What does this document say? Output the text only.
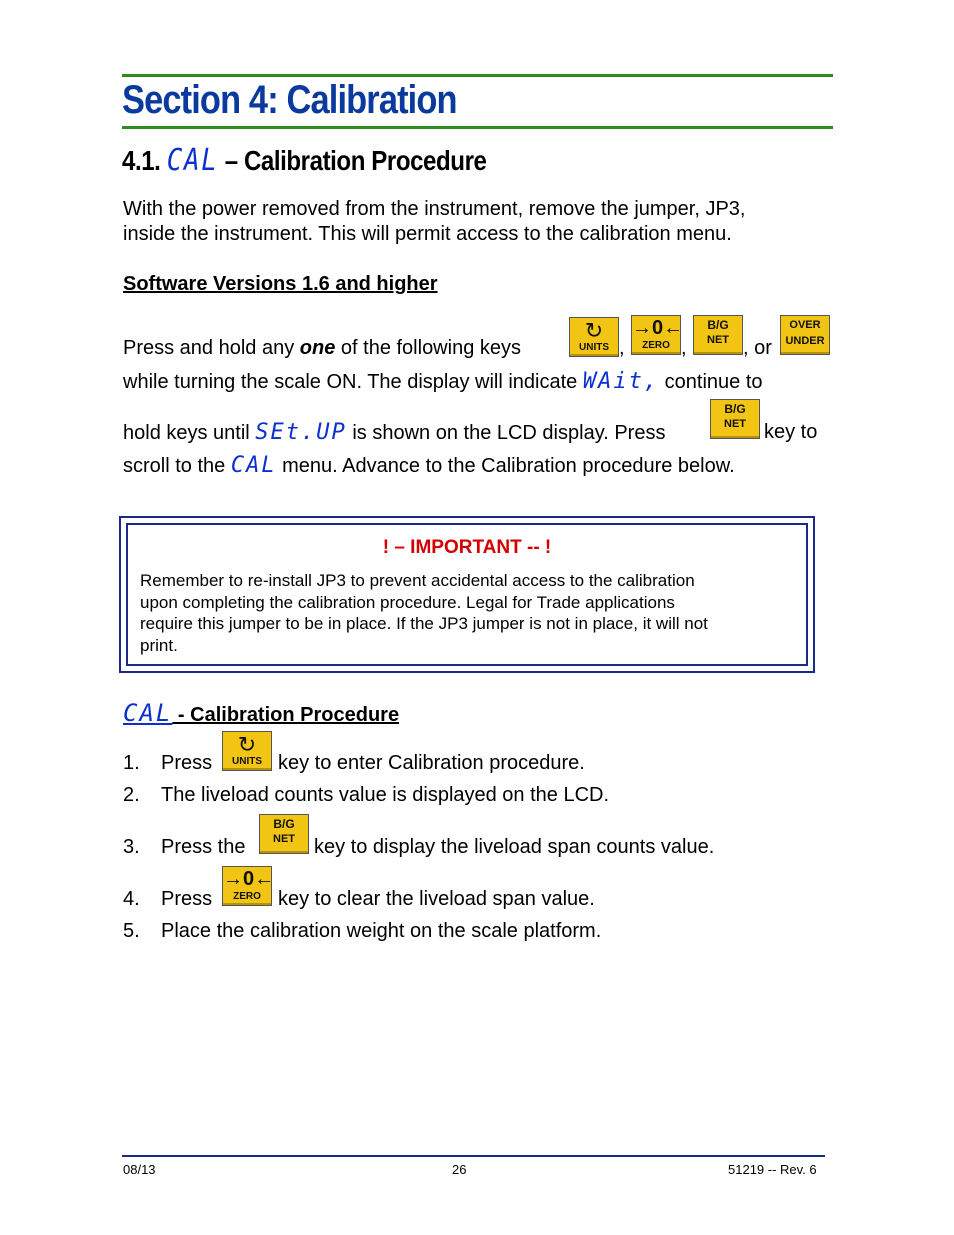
Section 4: Calibration
4.1. CAL – Calibration Procedure
With the power removed from the instrument, remove the jumper, JP3,
inside the instrument. This will permit access to the calibration menu.
Software Versions 1.6 and higher
Press and hold any one of the following keys
↻
UNITS ,
→0←
ZERO ,
B/G
NET , or
OVER
UNDER
while turning the scale ON. The display will indicate WAit, continue to
hold keys until SEt.UP is shown on the LCD display. Press
B/G
NET key to
scroll to the CAL menu. Advance to the Calibration procedure below.
! – IMPORTANT -- !
Remember to re-install JP3 to prevent accidental access to the calibration
upon completing the calibration procedure. Legal for Trade applications
require this jumper to be in place. If the JP3 jumper is not in place, it will not
print.
CAL - Calibration Procedure
1. Press	key to enter Calibration procedure.
↻
UNITS
2. The liveload counts value is displayed on the LCD.
3. Press the	key to display the liveload span counts value.
B/G
NET
4. Press	key to clear the liveload span value.
→0←
ZERO
5. Place the calibration weight on the scale platform.
08/13	26	51219 -- Rev. 6
